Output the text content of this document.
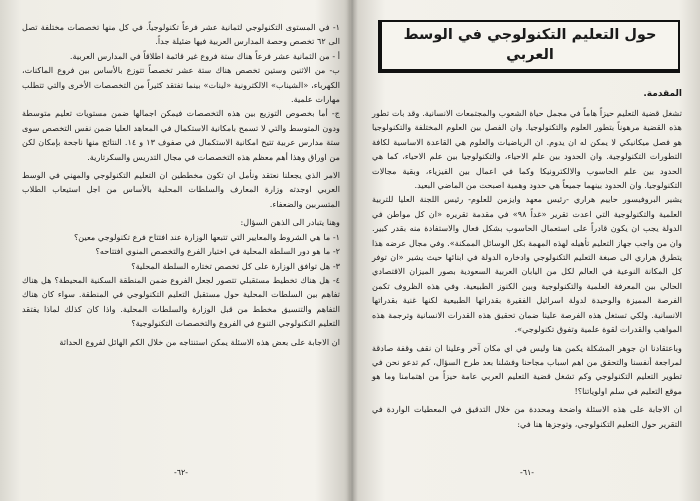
١- في المستوى التكنولوجي لثمانية عشر فرعاً تكنولوجياً. في كل منها تخصصات مختلفة تصل الى ٦٢ تخصص وحصة المدارس العربية فيها ضئيلة جداً.

أ - من الثمانية عشر فرعاً هناك ستة فروع غير قائمة اطلاقاً في المدارس العربية.

ب- من الاثنين وستين تخصص هناك ستة عشر تخصصاً تتوزع بالأساس بين فروع الماكنات، الكهرباء، «الشيناب» الالكترونية «لينات» بينما تفتقد كثيراً من التخصصات الأخرى والتي تتطلب مهارات علمية.

ج- أما بخصوص التوزيع بين هذه التخصصات فيمكن اجمالها ضمن مستويات تعليم متوسطة ودون المتوسط والتي لا تسمح بامكانية الاستكمال في المعاهد العليا ضمن نفس التخصص سوى ستة مدارس عربية تتيح امكانية الاستكمال في صفوف ١٣ و ١٤. النتائج منها ناجحة بإمكان لكن من اوراق وهذا أهم معظم هذه التخصصات في مجال التدريس والسكرتارية.

الامر الذي يجعلنا نعتقد ونأمل ان تكون مخططين ان التعليم التكنولوجي والمهني في الوسط العربي اوجدته وزارة المعارف والسلطات المحلية بالأساس من اجل استيعاب الطلاب المتسربين والضعفاء.

وهنا يتبادر الى الذهن السؤال:

١- ما هي الشروط والمعايير التي تتبعها الوزارة عند افتتاح فرع تكنولوجي معين؟

٢- ما هو دور السلطة المحلية في اختيار الفرع والتخصص المنوي افتتاحه؟

٣- هل توافق الوزارة على كل تخصص تختاره السلطة المحلية؟

٤- هل هناك تخطيط مستقبلي تتصور لجعل الفروع ضمن المنطقة السكنية المحيطة؟ هل هناك تفاهم بين السلطات المحلية حول مستقبل التعليم التكنولوجي في المنطقة. سواء كان هناك التفاهم والتنسيق مخطط من قبل الوزارة والسلطات المحلية. واذا كان كذلك لماذا يفتقد التعليم التكنولوجي التنوع في الفروع والتخصصات التكنولوجية؟

ان الاجابة على بعض هذه الاسئلة يمكن استنتاجه من خلال الكم الهائل لفروع الحداثة

-٦٢-
حول التعليم التكنولوجي في الوسط العربي
المقدمة.

تشغل قضية التعليم حيزاً هاماً في مجمل حياة الشعوب والمجتمعات الانسانية. وقد بات تطور هذه القضية مرهوناً بتطور العلوم والتكنولوجيا. وان الفصل بين العلوم المختلفة والتكنولوجيا هو فصل ميكانيكي لا يمكن له ان يدوم. ان الرياضيات والعلوم هي القاعدة الاساسية لكافة التطورات التكنولوجية. وان الحدود بين علم الاحياء، والتكنولوجيا بين علم الاحياء، كما هي الحدود بين علم الحاسوب والالكترونيكا وكما في اعمال بين الفيزياء، وبقية مجالات التكنولوجيا. وان الحدود بينهما جميعاً هي حدود وهمية اصبحت من الماضي البعيد.

يشير البروفيسور حاييم هراري -رئيس معهد وايزمن للعلوم- رئيس اللجنة العليا للتربية العلمية والتكنولوجية التي اعدت تقرير «غداً ٩٨» في مقدمة تقريره «ان كل مواطن في الدولة يجب ان يكون قادراً على استعمال الحاسوب بشكل فعال والاستفادة منه بقدر كبير. وان من واجب جهاز التعليم تأهيله لهذه المهمة بكل الوسائل الممكنة». وفي مجال عرضه هذا يتطرق هراري الى صبغة التعليم التكنولوجي وادخاره الدولة في ابنائها حيث يشير «ان توفر كل المكانة النوعية في العالم لكل من اليابان العربية السعودية بصور الميزان الاقتصادي الحالي بين المعرفة العلمية والتكنولوجية وبين الكنوز الطبيعية. وفي هذه الظروف تكمن الفرصة المميزة والوحيدة لدولة اسرائيل الفقيرة بقدراتها الطبيعية لكنها غنية بقدراتها الانسانية. ولكي تستغل هذه الفرصة علينا ضمان تحقيق هذه القدرات الانسانية وترجمة هذه المواهب والقدرات لقوة علمية وتفوق تكنولوجي».

وباعتقادنا ان جوهر المشكلة يكمن هنا وليس في اي مكان آخر وعلينا ان نقف وقفة صادقة لمراجعة أنفسنا والتحقق من اهم اسباب مجاحنا وفشلنا بعد طرح السؤال، كم تدعو نحن في تطوير التعليم التكنولوجي وكم تشغل قضية التعليم العربي عامة حيزاً من اهتمامنا وما هو موقع التعليم في سلم اولوياتنا؟!

ان الاجابة على هذه الاسئلة واضحة ومحددة من خلال التدقيق في المعطيات الواردة في التقرير حول التعليم التكنولوجي، وتوجزها هنا في:

-٦١-
